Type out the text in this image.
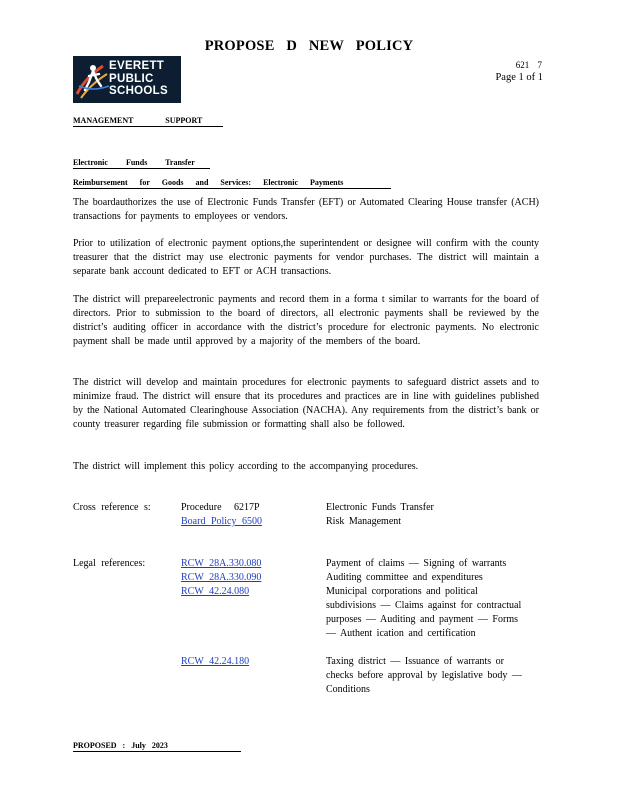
PROPOSE D NEW POLICY
EVERETT PUBLIC SCHOOLS
621 7
Page 1 of 1
MANAGEMENT SUPPORT
Electronic Funds Transfer
Reimbursement for Goods and Services: Electronic Payments
The boardauthorizes the use of Electronic Funds Transfer (EFT) or Automated Clearing House transfer (ACH) transactions for payments to employees or vendors.
Prior to utilization of electronic payment options,the superintendent or designee will confirm with the county treasurer that the district may use electronic payments for vendor purchases. The district will maintain a separate bank account dedicated to EFT or ACH transactions.
The district will prepareelectronic payments and record them in a forma t similar to warrants for the board of directors. Prior to submission to the board of directors, all electronic payments shall be reviewed by the district’s auditing officer in accordance with the district’s procedure for electronic payments. No electronic payment shall be made until approved by a majority of the members of the board.
The district will develop and maintain procedures for electronic payments to safeguard district assets and to minimize fraud. The district will ensure that its procedures and practices are in line with guidelines published by the National Automated Clearinghouse Association (NACHA). Any requirements from the district’s bank or county treasurer regarding file submission or formatting shall also be followed.
The district will implement this policy according to the accompanying procedures.
Cross reference s:	Procedure 6217P
Board Policy 6500
Electronic Funds Transfer
Risk Management
Legal references:	RCW 28A.330.080
RCW 28A.330.090
RCW 42.24.080
RCW 42.24.180
Payment of claims — Signing of warrants
Auditing committee and expenditures
Municipal corporations and political subdivisions — Claims against for contractual purposes — Auditing and payment — Forms — Authent ication and certification
Taxing district — Issuance of warrants or checks before approval by legislative body — Conditions
PROPOSED : July 2023
